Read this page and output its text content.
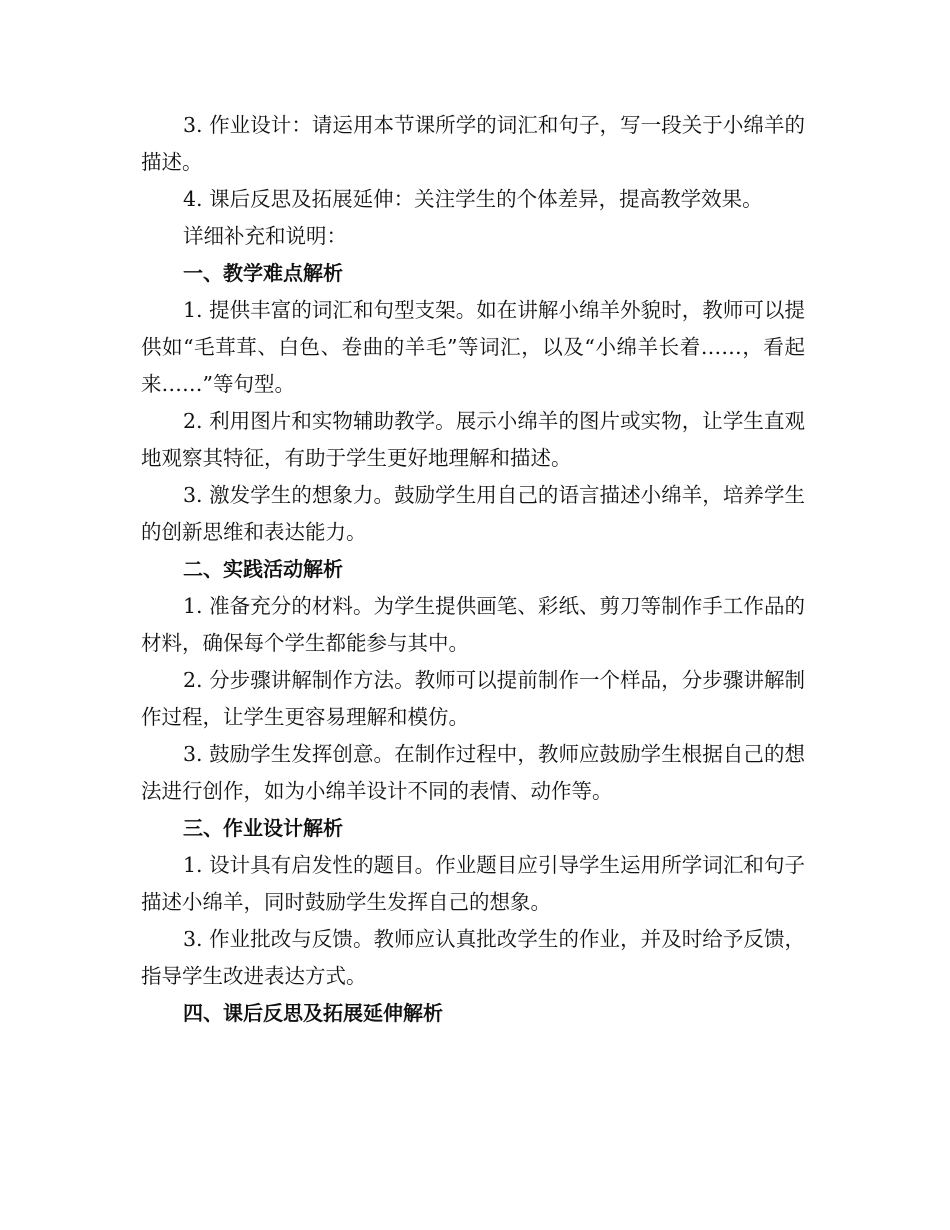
3. 作业设计：请运用本节课所学的词汇和句子，写一段关于小绵羊的描述。

4. 课后反思及拓展延伸：关注学生的个体差异，提高教学效果。

详细补充和说明：

一、教学难点解析

1. 提供丰富的词汇和句型支架。如在讲解小绵羊外貌时，教师可以提供如“毛茸茸、白色、卷曲的羊毛”等词汇，以及“小绵羊长着……，看起来……”等句型。

2. 利用图片和实物辅助教学。展示小绵羊的图片或实物，让学生直观地观察其特征，有助于学生更好地理解和描述。

3. 激发学生的想象力。鼓励学生用自己的语言描述小绵羊，培养学生的创新思维和表达能力。

二、实践活动解析

1. 准备充分的材料。为学生提供画笔、彩纸、剪刀等制作手工作品的材料，确保每个学生都能参与其中。

2. 分步骤讲解制作方法。教师可以提前制作一个样品，分步骤讲解制作过程，让学生更容易理解和模仿。

3. 鼓励学生发挥创意。在制作过程中，教师应鼓励学生根据自己的想法进行创作，如为小绵羊设计不同的表情、动作等。

三、作业设计解析

1. 设计具有启发性的题目。作业题目应引导学生运用所学词汇和句子描述小绵羊，同时鼓励学生发挥自己的想象。

3. 作业批改与反馈。教师应认真批改学生的作业，并及时给予反馈，指导学生改进表达方式。

四、课后反思及拓展延伸解析
